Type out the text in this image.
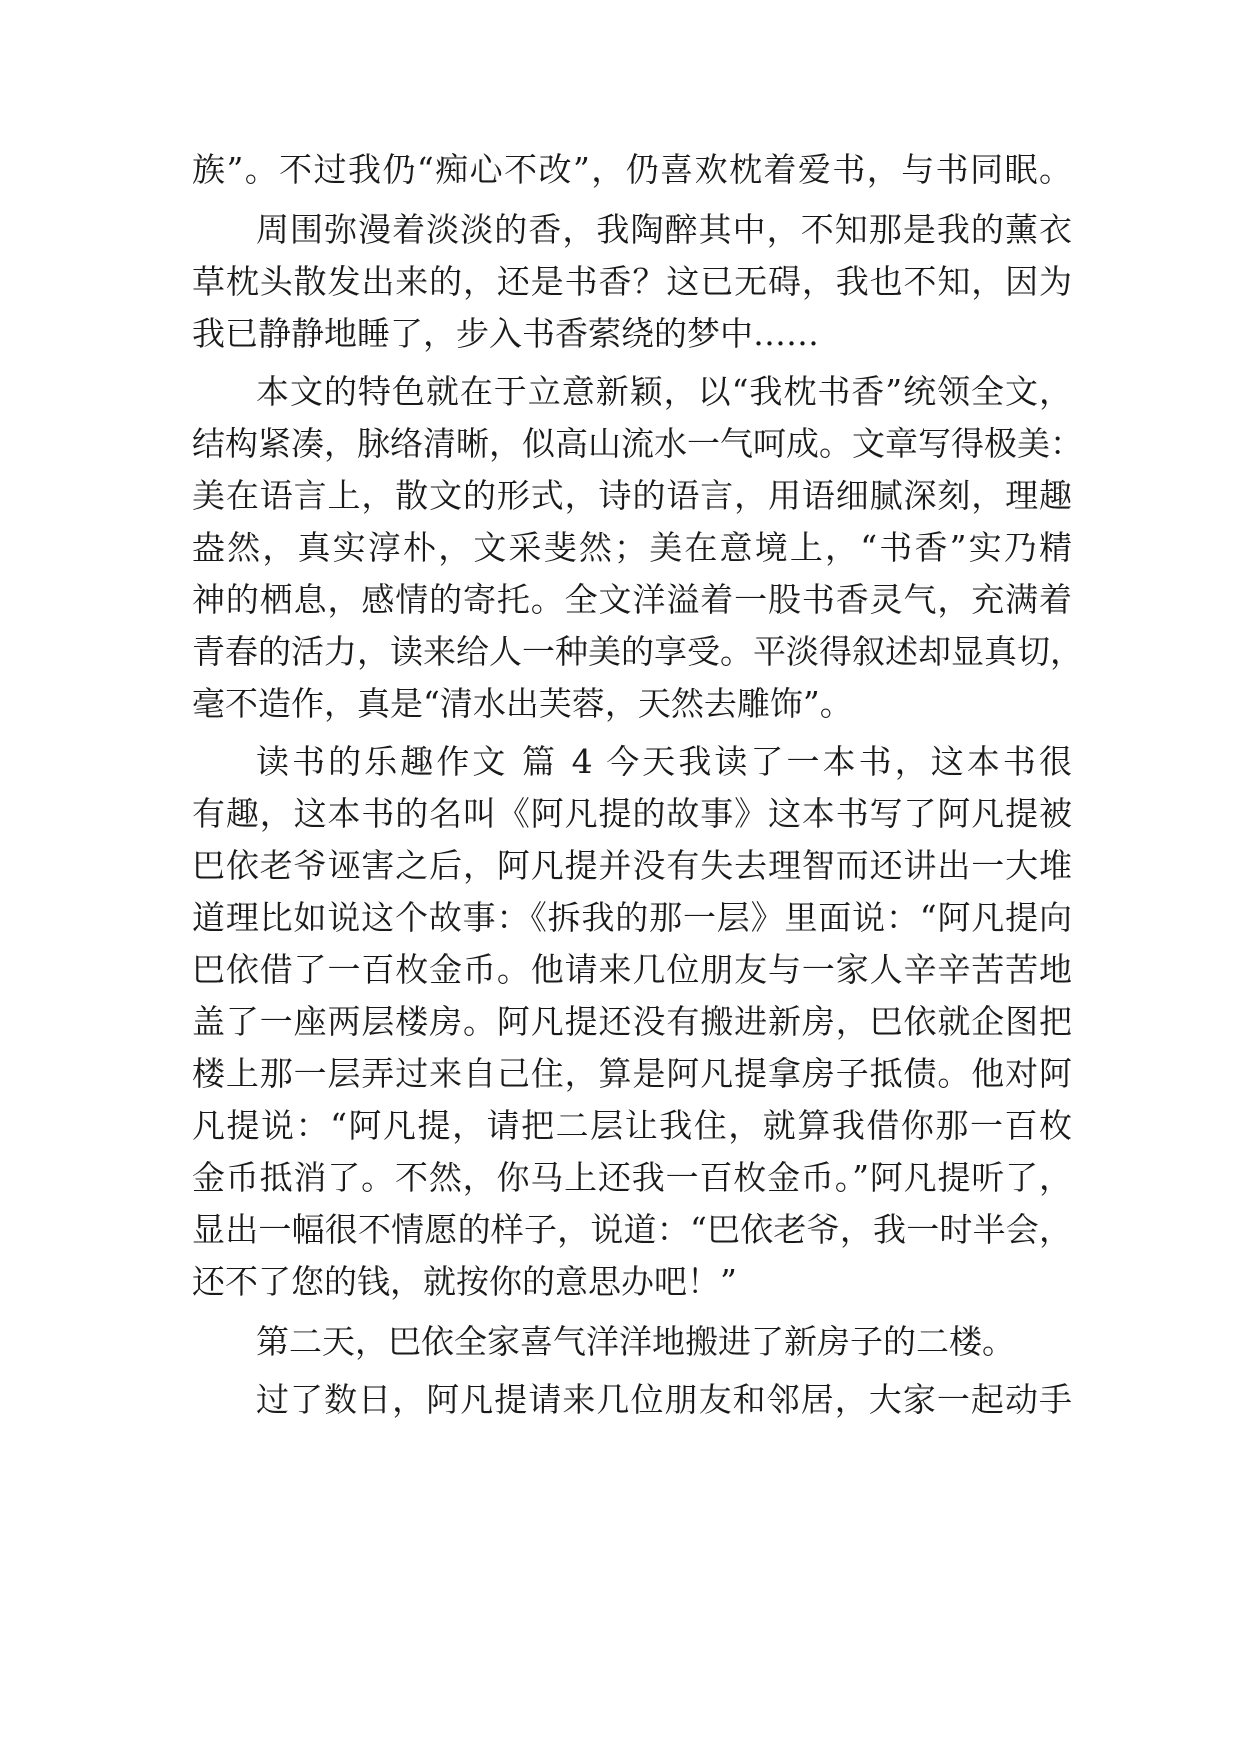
族”。不过我仍“痴心不改”，仍喜欢枕着爱书，与书同眠。
周围弥漫着淡淡的香，我陶醉其中，不知那是我的薰衣
草枕头散发出来的，还是书香？这已无碍，我也不知，因为
我已静静地睡了，步入书香萦绕的梦中……
本文的特色就在于立意新颖，以“我枕书香”统领全文，
结构紧凑，脉络清晰，似高山流水一气呵成。文章写得极美：
美在语言上，散文的形式，诗的语言，用语细腻深刻，理趣
盎然，真实淳朴，文采斐然；美在意境上，“书香”实乃精
神的栖息，感情的寄托。全文洋溢着一股书香灵气，充满着
青春的活力，读来给人一种美的享受。平淡得叙述却显真切，
毫不造作，真是“清水出芙蓉，天然去雕饰”。
读书的乐趣作文 篇 4 今天我读了一本书，这本书很
有趣，这本书的名叫《阿凡提的故事》这本书写了阿凡提被
巴依老爷诬害之后，阿凡提并没有失去理智而还讲出一大堆
道理比如说这个故事：《拆我的那一层》里面说：“阿凡提向
巴依借了一百枚金币。他请来几位朋友与一家人辛辛苦苦地
盖了一座两层楼房。阿凡提还没有搬进新房，巴依就企图把
楼上那一层弄过来自己住，算是阿凡提拿房子抵债。他对阿
凡提说：“阿凡提，请把二层让我住，就算我借你那一百枚
金币抵消了。不然，你马上还我一百枚金币。”阿凡提听了，
显出一幅很不情愿的样子，说道：“巴依老爷，我一时半会，
还不了您的钱，就按你的意思办吧！”
第二天，巴依全家喜气洋洋地搬进了新房子的二楼。
过了数日，阿凡提请来几位朋友和邻居，大家一起动手
